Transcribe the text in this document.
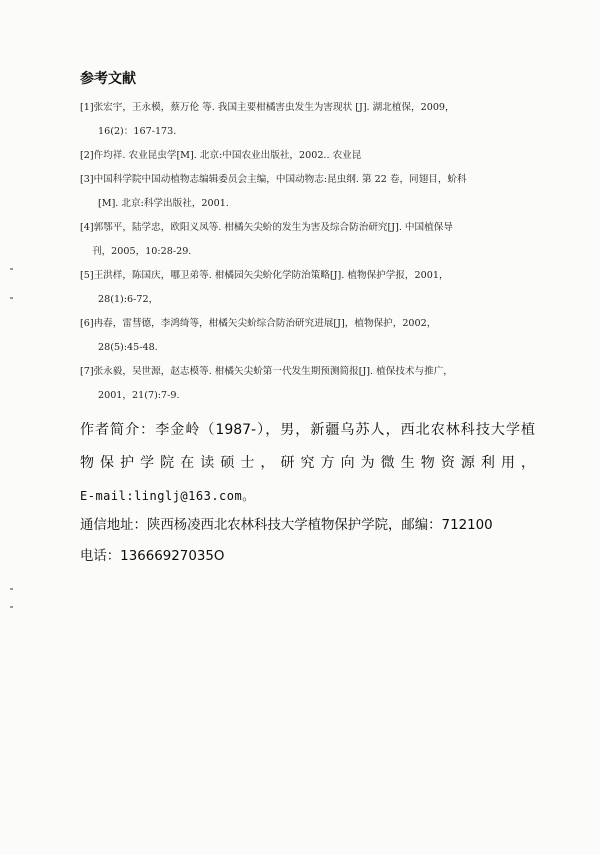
参考文献
[1]张宏宇，王永模，蔡万伦 等. 我国主要柑橘害虫发生为害现状 [J]. 湖北植保，2009，
16(2)：167-173.
[2]仵均祥. 农业昆虫学[M]. 北京:中国农业出版社，2002.. 农业昆
[3]中国科学院中国动植物志编辑委员会主编，中国动物志:昆虫纲. 第 22 卷，同翅目，蚧科
[M]. 北京:科学出版社，2001.
[4]郭鄂平，陆学忠，欧阳义凤等. 柑橘矢尖蚧的发生为害及综合防治研究[J]. 中国植保导
刊，2005，10:28-29.
[5]王洪样，陈国庆，哪卫弟等. 柑橘园矢尖蚧化学防治策略[J]. 植物保护学报，2001，
28(1):6-72，
[6]冉春，雷彗德，李鸿绮等，柑橘矢尖蚧综合防治研究进展[J]，植物保护，2002，
28(5):45-48.
[7]张永毅，吴世源，赵志模等. 柑橘矢尖蚧第一代发生期预测简报[J]. 植保技术与推广，
2001，21(7):7-9.
作者简介：李金岭（1987-），男，新疆乌苏人，西北农林科技大学植
物保护学院在读硕士，研究方向为微生物资源利用，
E-mail:linglj@163.com。
通信地址：陕西杨凌西北农林科技大学植物保护学院，邮编：712100
电话：13666927035O
